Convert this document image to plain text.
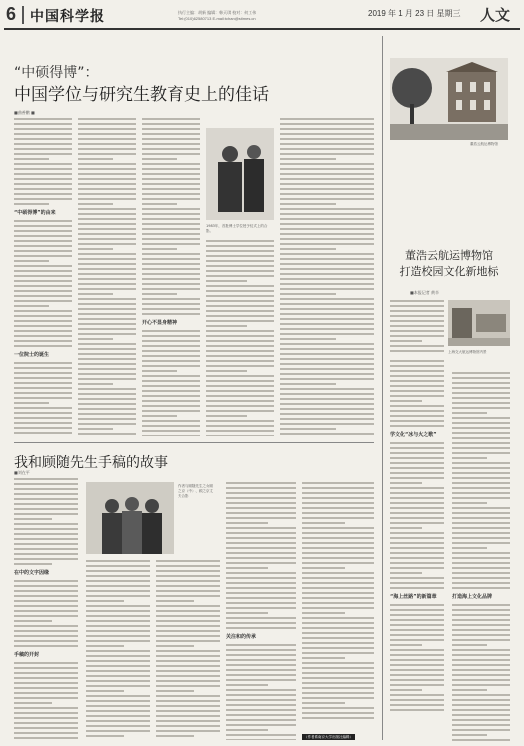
6 中国科学报	执行主编：胡新 编辑：韩天琪 校对：何工伟
Tel:(010)62580713 E-mail:tchan@stimes.cn
2019 年 1 月 23 日 星期三 人文
“中硕得博”：
中国学位与研究生教育史上的佳话
■曲善鹏 ■
“中硕得博”的由来
一位院士的诞生
开心不显身精神
1983年，首批博士学位授予仪式上的合影。
我和顾随先生手稿的故事
■刘在平
在中的文字因缘
手稿的开封
作者与顾随先生之女顾之京（中）、顾之京丈夫合影
关注和的传承
（作者系南京大学出版社编辑）
董浩云航运博物馆
董浩云航运博物馆
打造校园文化新地标
■本报记者 黄辛
上海交大航运博物馆内景
学文化“冰与火之歌”
“海上丝路”的新篇章	打造海上文化品牌
